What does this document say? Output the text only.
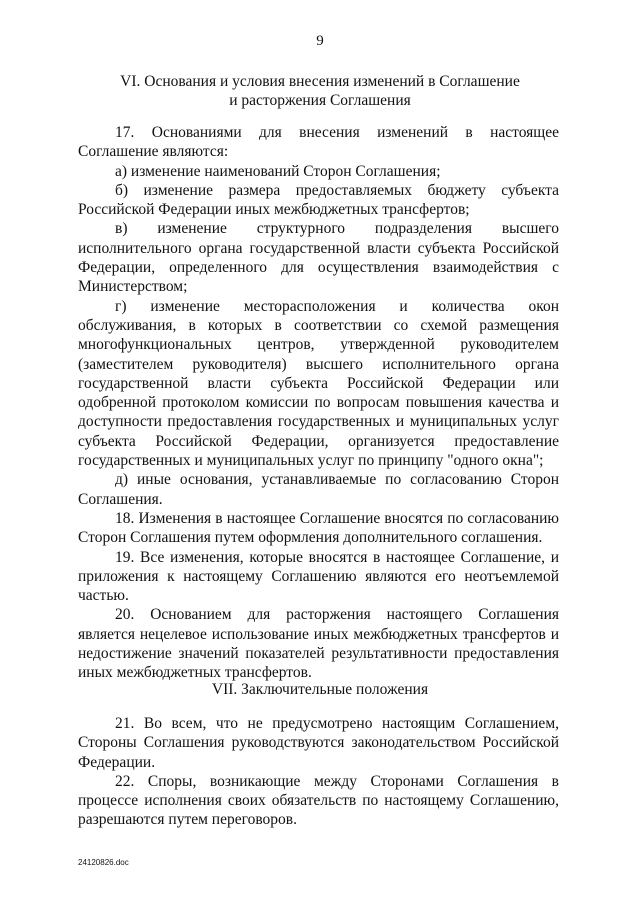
9
VI. Основания и условия внесения изменений в Соглашение
и расторжения Соглашения

17. Основаниями для внесения изменений в настоящее Соглашение являются:

а) изменение наименований Сторон Соглашения;

б) изменение размера предоставляемых бюджету субъекта Российской Федерации иных межбюджетных трансфертов;

в) изменение структурного подразделения высшего исполнительного органа государственной власти субъекта Российской Федерации, определенного для осуществления взаимодействия с Министерством;

г) изменение месторасположения и количества окон обслуживания, в которых в соответствии со схемой размещения многофункциональных центров, утвержденной руководителем (заместителем руководителя) высшего исполнительного органа государственной власти субъекта Российской Федерации или одобренной протоколом комиссии по вопросам повышения качества и доступности предоставления государственных и муниципальных услуг субъекта Российской Федерации, организуется предоставление государственных и муниципальных услуг по принципу "одного окна";

д) иные основания, устанавливаемые по согласованию Сторон Соглашения.

18. Изменения в настоящее Соглашение вносятся по согласованию Сторон Соглашения путем оформления дополнительного соглашения.

19. Все изменения, которые вносятся в настоящее Соглашение, и приложения к настоящему Соглашению являются его неотъемлемой частью.

20. Основанием для расторжения настоящего Соглашения является нецелевое использование иных межбюджетных трансфертов и недостижение значений показателей результативности предоставления иных межбюджетных трансфертов.

VII. Заключительные положения

21. Во всем, что не предусмотрено настоящим Соглашением, Стороны Соглашения руководствуются законодательством Российской Федерации.

22. Споры, возникающие между Сторонами Соглашения в процессе исполнения своих обязательств по настоящему Соглашению, разрешаются путем переговоров.

24120826.doc
